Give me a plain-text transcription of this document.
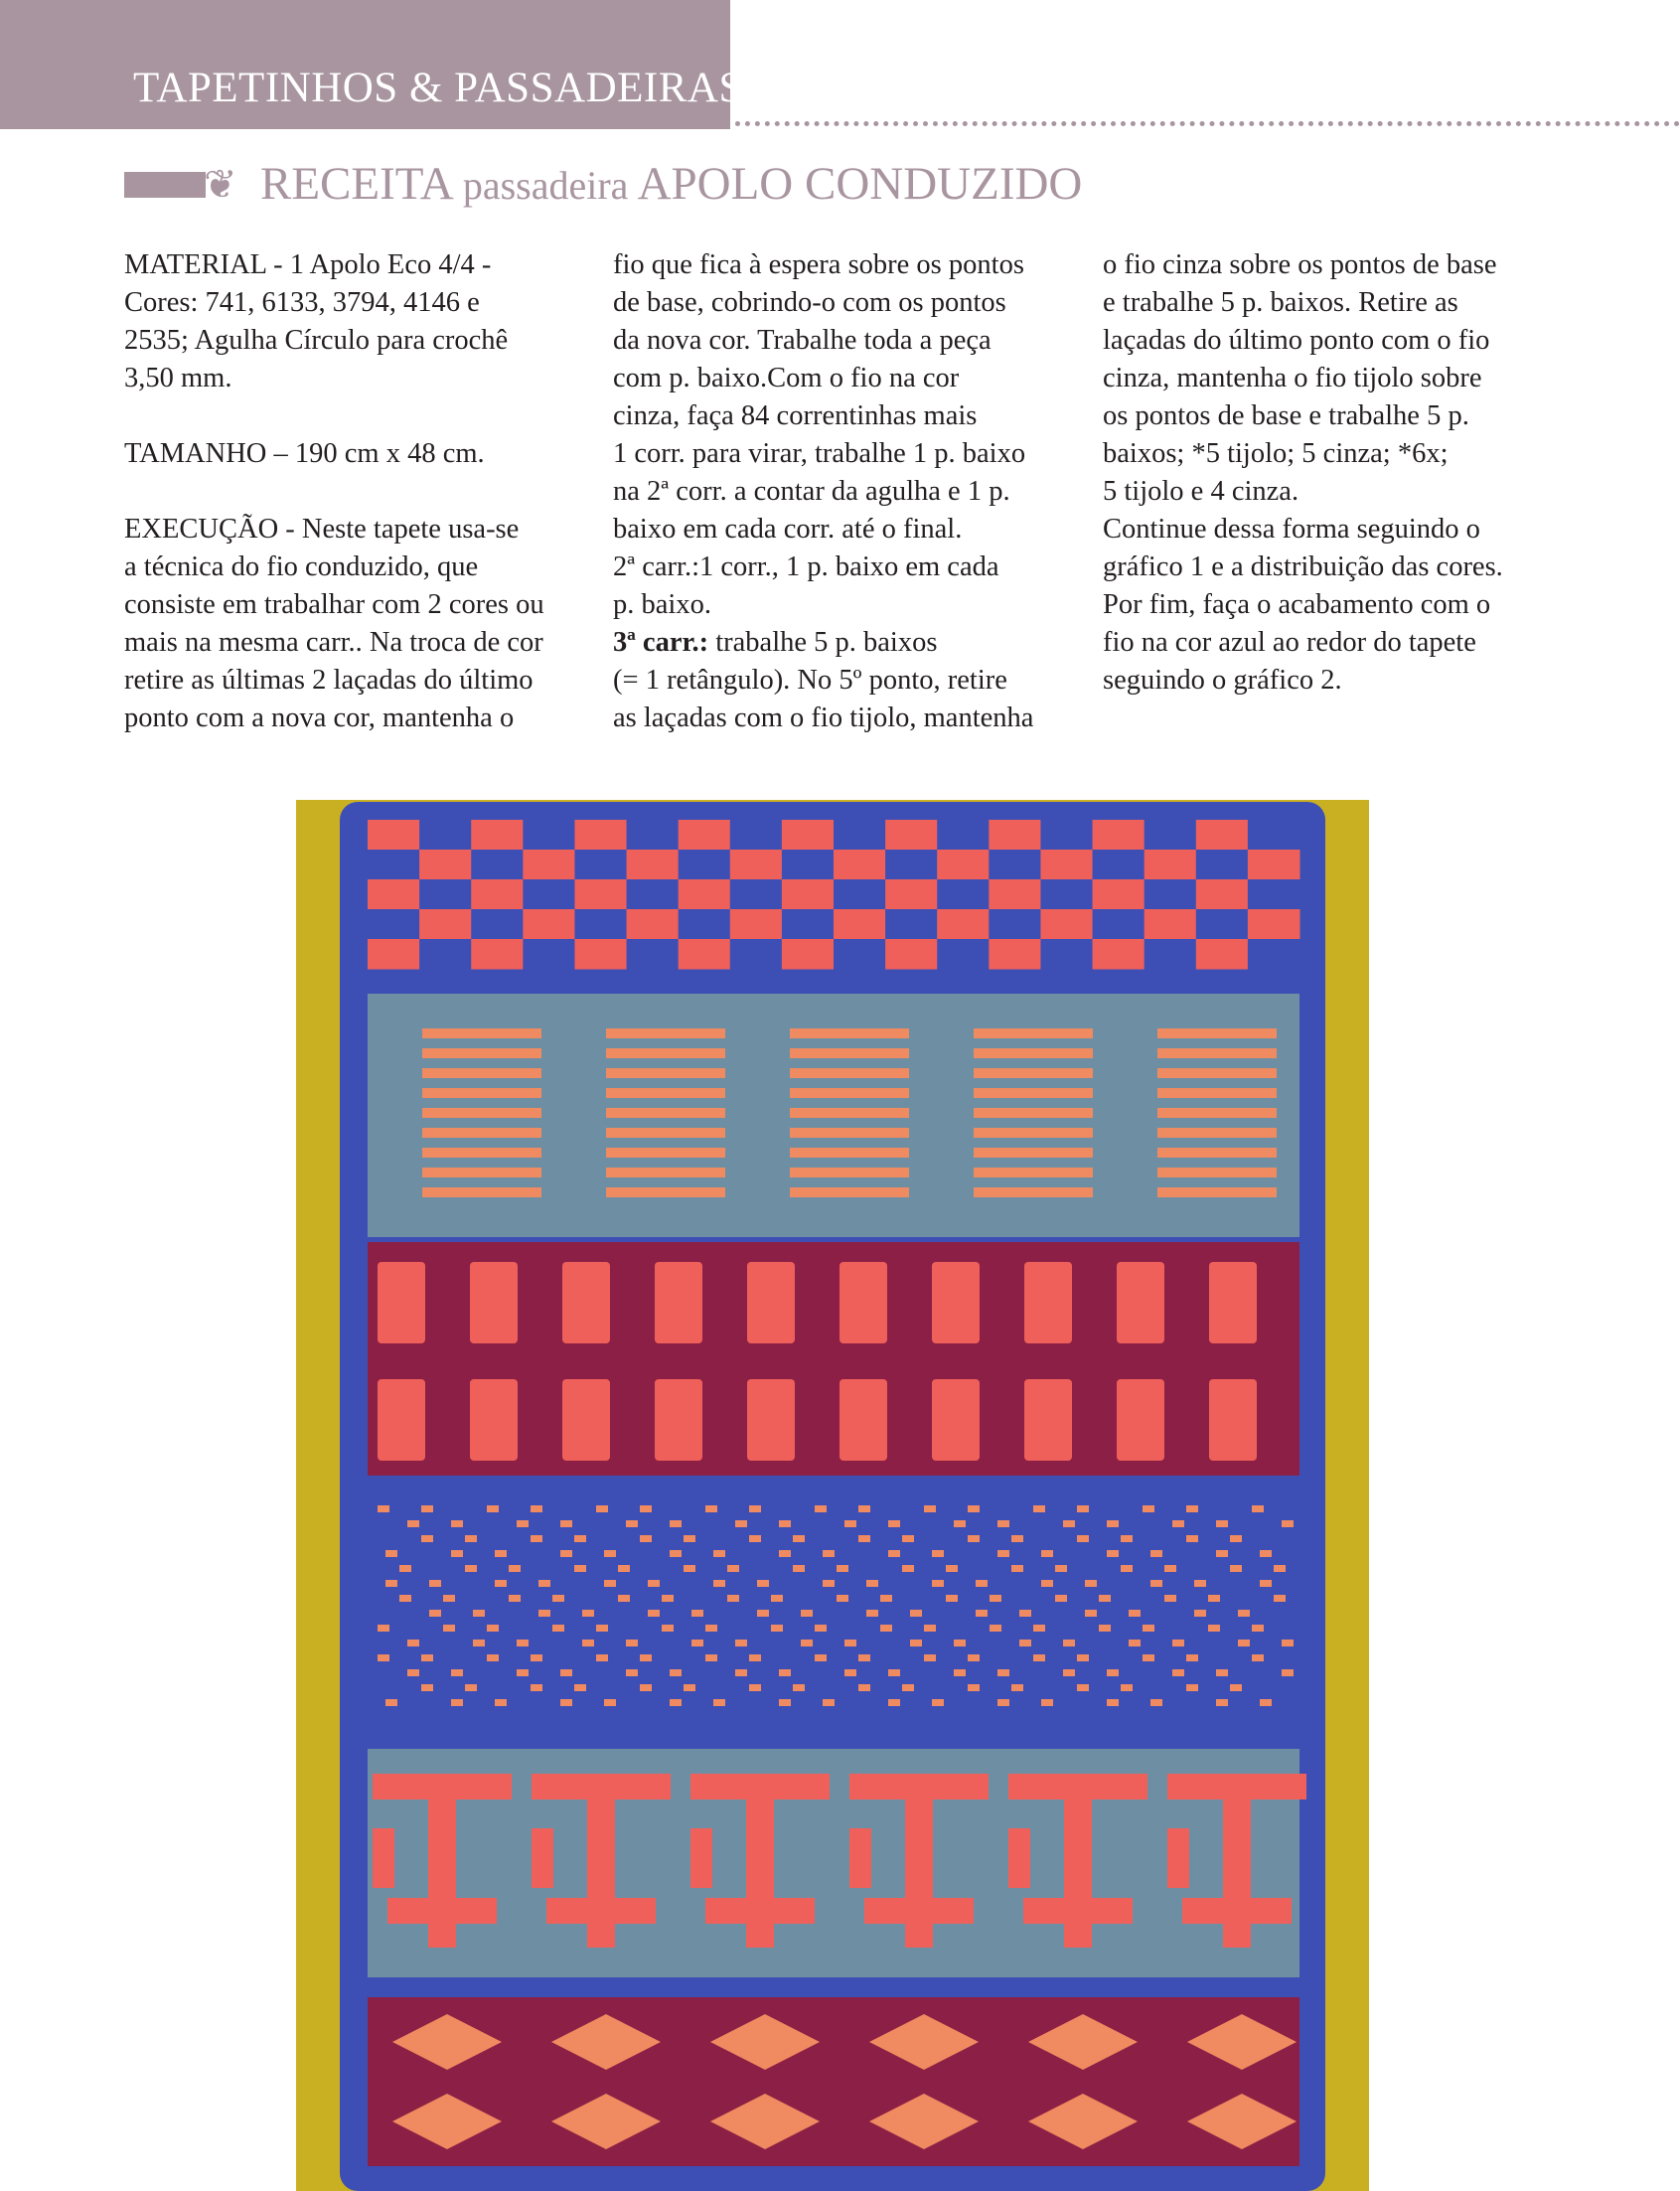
TAPETINHOS & PASSADEIRAS
❦ RECEITA passadeira APOLO CONDUZIDO

MATERIAL - 1 Apolo Eco 4/4 -

Cores: 741, 6133, 3794, 4146 e

2535; Agulha Círculo para crochê

3,50 mm.

TAMANHO – 190 cm x 48 cm.

EXECUÇÃO - Neste tapete usa-se

a técnica do fio conduzido, que

consiste em trabalhar com 2 cores ou

mais na mesma carr.. Na troca de cor

retire as últimas 2 laçadas do último

ponto com a nova cor, mantenha o

fio que fica à espera sobre os pontos

de base, cobrindo-o com os pontos

da nova cor. Trabalhe toda a peça

com p. baixo.Com o fio na cor

cinza, faça 84 correntinhas mais

1 corr. para virar, trabalhe 1 p. baixo

na 2ª corr. a contar da agulha e 1 p.

baixo em cada corr. até o final.

2ª carr.:1 corr., 1 p. baixo em cada

p. baixo.

3ª carr.: trabalhe 5 p. baixos

(= 1 retângulo). No 5º ponto, retire

as laçadas com o fio tijolo, mantenha

o fio cinza sobre os pontos de base

e trabalhe 5 p. baixos. Retire as

laçadas do último ponto com o fio

cinza, mantenha o fio tijolo sobre

os pontos de base e trabalhe 5 p.

baixos; *5 tijolo; 5 cinza; *6x;

5 tijolo e 4 cinza.

Continue dessa forma seguindo o

gráfico 1 e a distribuição das cores.

Por fim, faça o acabamento com o

fio na cor azul ao redor do tapete

seguindo o gráfico 2.
